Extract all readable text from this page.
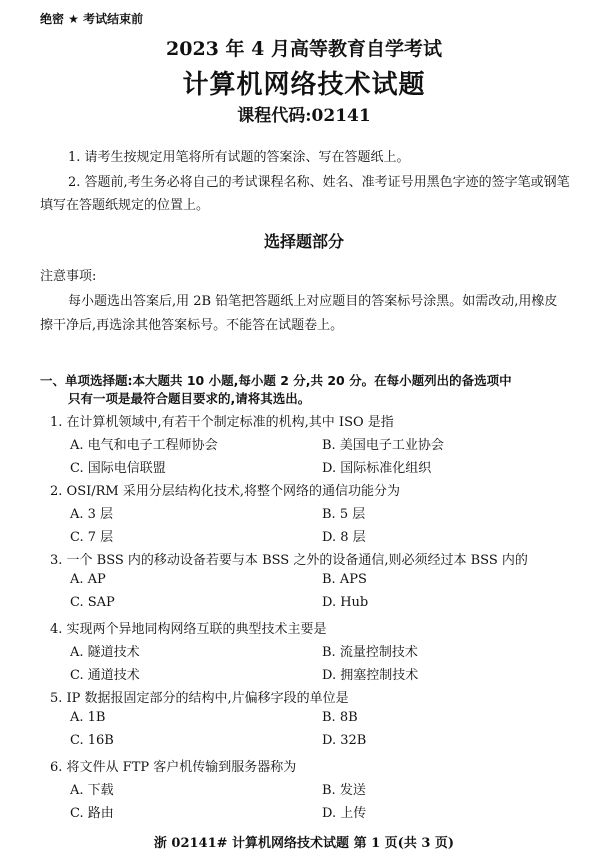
绝密 ★ 考试结束前
2023 年 4 月高等教育自学考试
计算机网络技术试题
课程代码:02141
1. 请考生按规定用笔将所有试题的答案涂、写在答题纸上。
2. 答题前,考生务必将自己的考试课程名称、姓名、准考证号用黑色字迹的签字笔或钢笔
填写在答题纸规定的位置上。
选择题部分
注意事项:
每小题选出答案后,用 2B 铅笔把答题纸上对应题目的答案标号涂黑。如需改动,用橡皮
擦干净后,再选涂其他答案标号。不能答在试题卷上。
一、单项选择题:本大题共 10 小题,每小题 2 分,共 20 分。在每小题列出的备选项中
只有一项是最符合题目要求的,请将其选出。
1. 在计算机领域中,有若干个制定标准的机构,其中 ISO 是指
A. 电气和电子工程师协会	B. 美国电子工业协会
C. 国际电信联盟	D. 国际标准化组织
2. OSI/RM 采用分层结构化技术,将整个网络的通信功能分为
A. 3 层	B. 5 层
C. 7 层	D. 8 层
3. 一个 BSS 内的移动设备若要与本 BSS 之外的设备通信,则必须经过本 BSS 内的
A. AP	B. APS
C. SAP	D. Hub
4. 实现两个异地同构网络互联的典型技术主要是
A. 隧道技术	B. 流量控制技术
C. 通道技术	D. 拥塞控制技术
5. IP 数据报固定部分的结构中,片偏移字段的单位是
A. 1B	B. 8B
C. 16B	D. 32B
6. 将文件从 FTP 客户机传输到服务器称为
A. 下载	B. 发送
C. 路由	D. 上传
浙 02141# 计算机网络技术试题 第 1 页(共 3 页)
